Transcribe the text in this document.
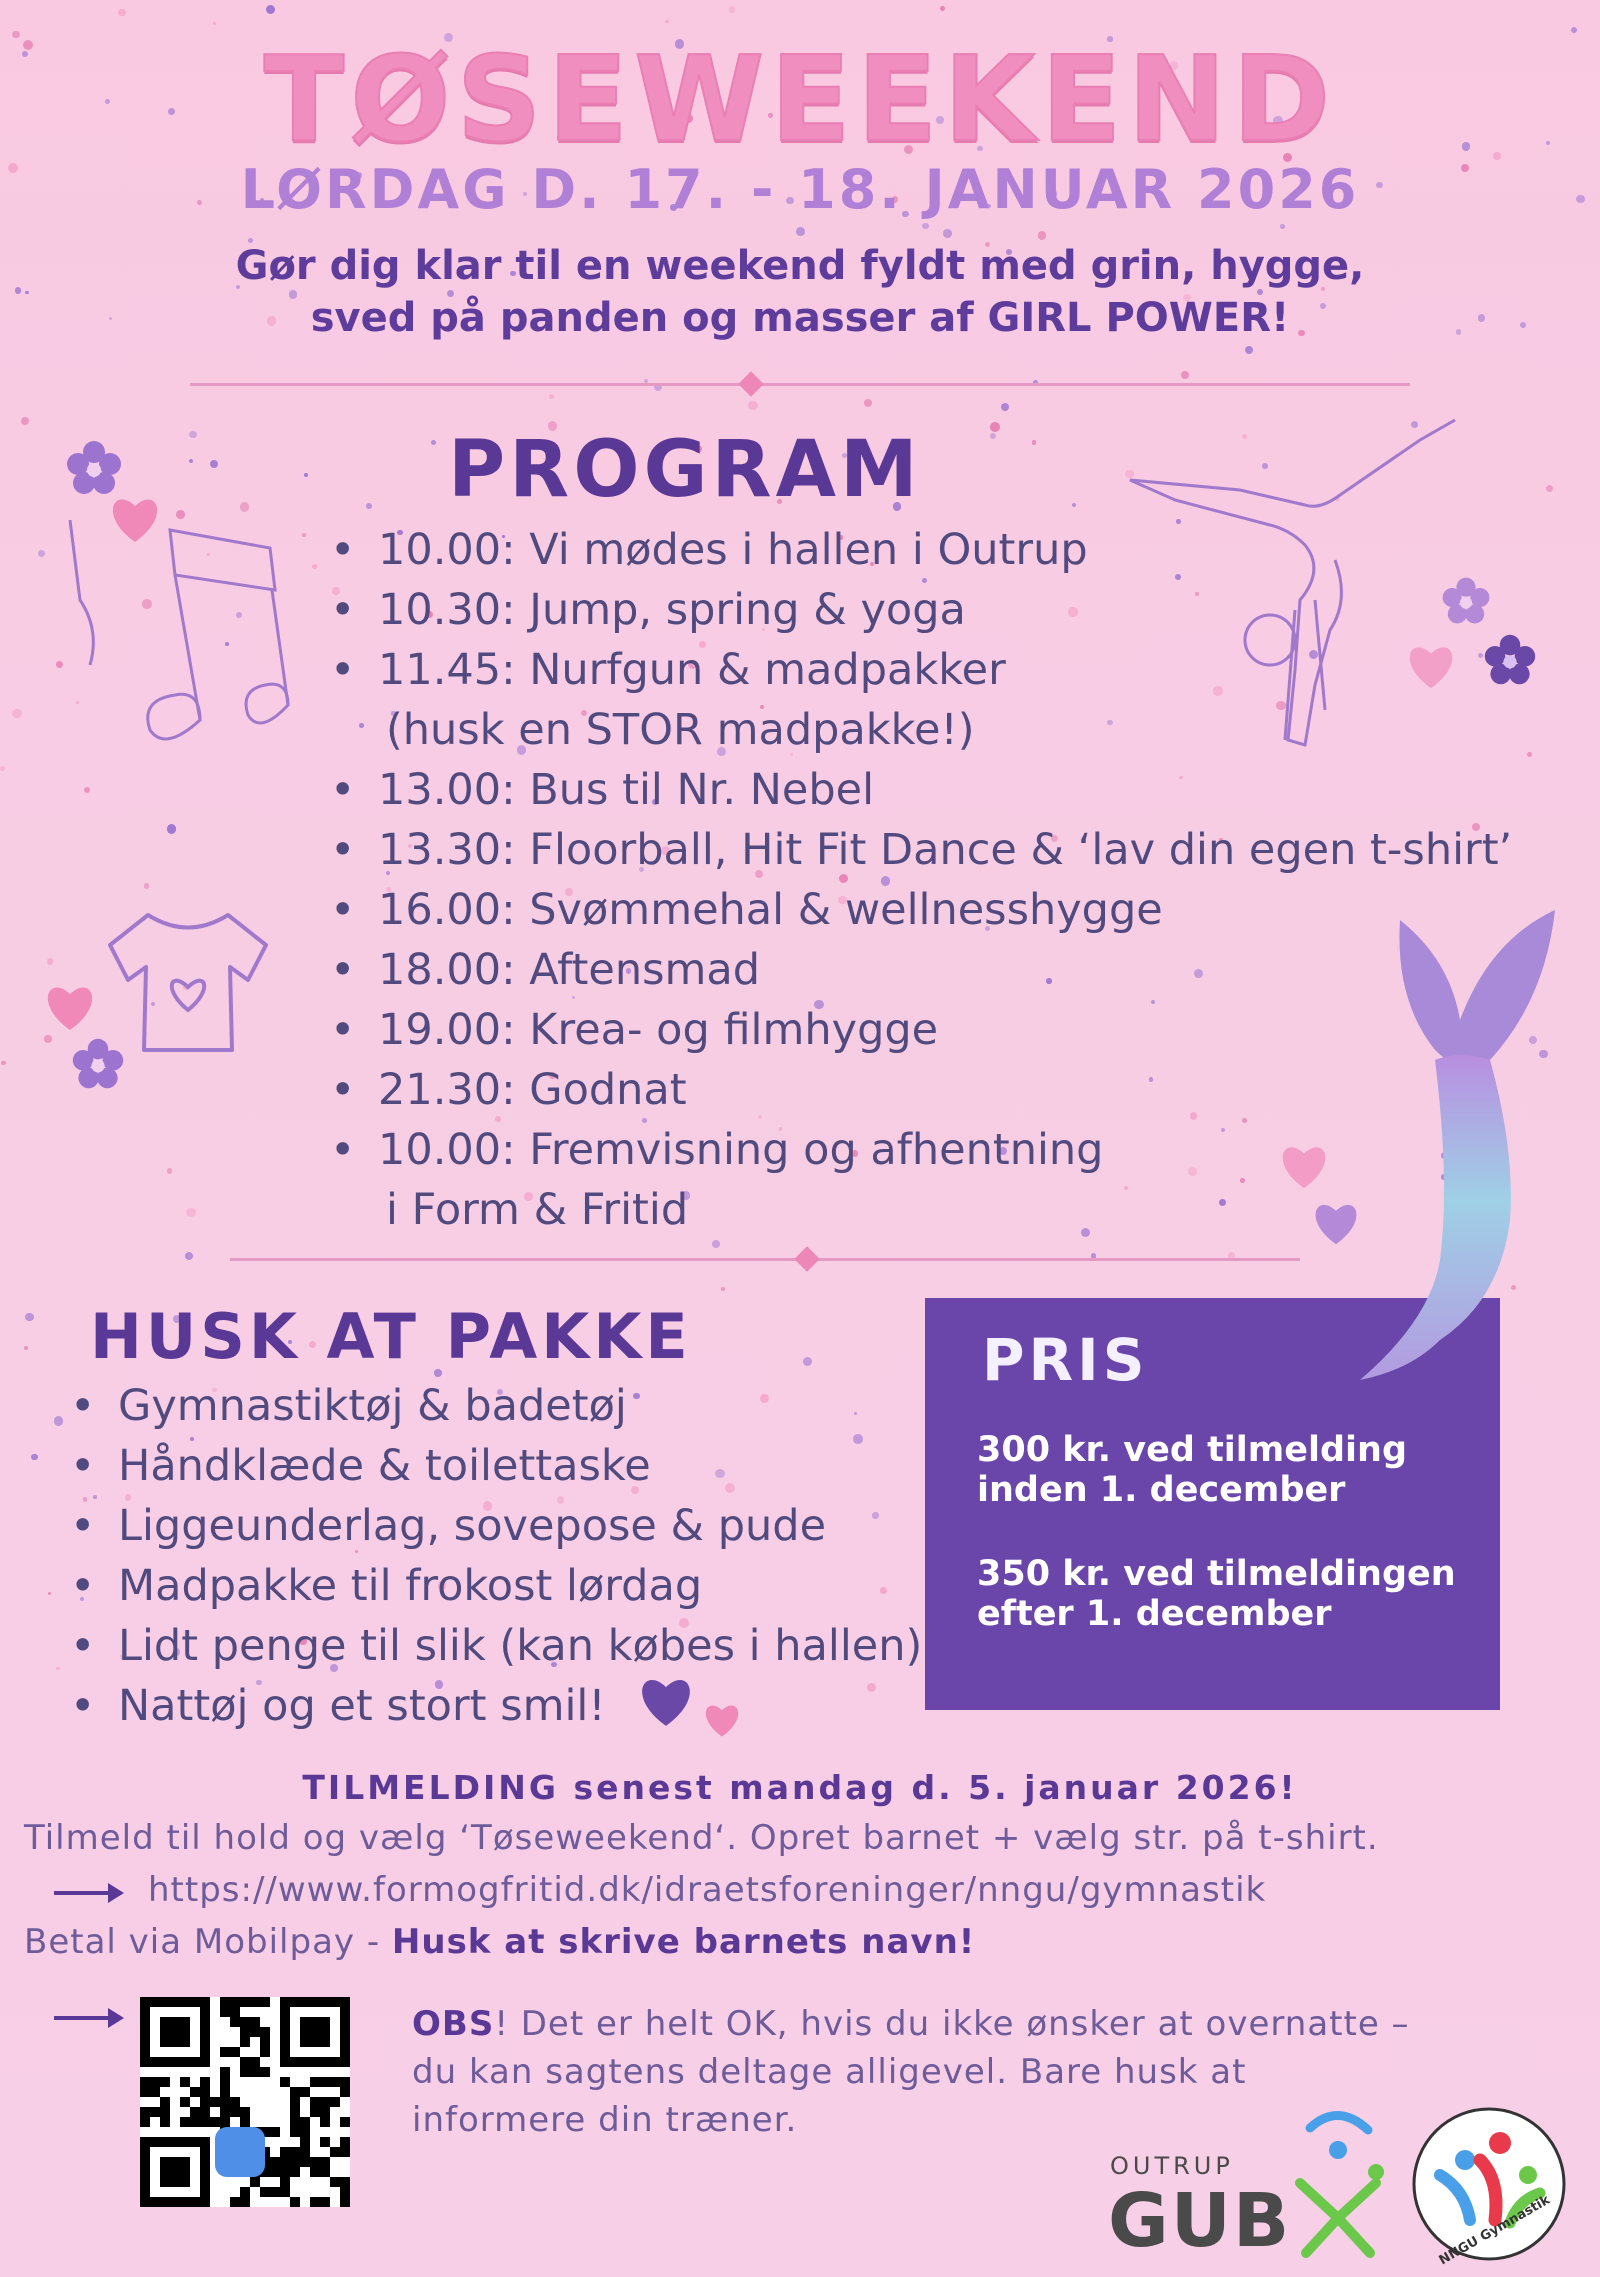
TØSEWEEKEND
LØRDAG D. 17. - 18. JANUAR 2026
Gør dig klar til en weekend fyldt med grin, hygge,
sved på panden og masser af GIRL POWER!
PROGRAM
• 10.00: Vi mødes i hallen i Outrup
• 10.30: Jump, spring & yoga
• 11.45: Nurfgun & madpakker
(husk en STOR madpakke!)
• 13.00: Bus til Nr. Nebel
• 13.30: Floorball, Hit Fit Dance & ‘lav din egen t-shirt’
• 16.00: Svømmehal & wellnesshygge
• 18.00: Aftensmad
• 19.00: Krea- og filmhygge
• 21.30: Godnat
• 10.00: Fremvisning og afhentning
i Form & Fritid
HUSK AT PAKKE
• Gymnastiktøj & badetøj
• Håndklæde & toilettaske
• Liggeunderlag, sovepose & pude
• Madpakke til frokost lørdag
• Lidt penge til slik (kan købes i hallen)
• Nattøj og et stort smil!
PRIS
300 kr. ved tilmelding
inden 1. december
350 kr. ved tilmeldingen
efter 1. december
TILMELDING senest mandag d. 5. januar 2026!
Tilmeld til hold og vælg ‘Tøseweekend‘. Opret barnet + vælg str. på t-shirt.
https://www.formogfritid.dk/idraetsforeninger/nngu/gymnastik
Betal via Mobilpay - Husk at skrive barnets navn!
OBS! Det er helt OK, hvis du ikke ønsker at overnatte –
du kan sagtens deltage alligevel. Bare husk at
informere din træner.
OUTRUP
GUB	NNGU Gymnastik
